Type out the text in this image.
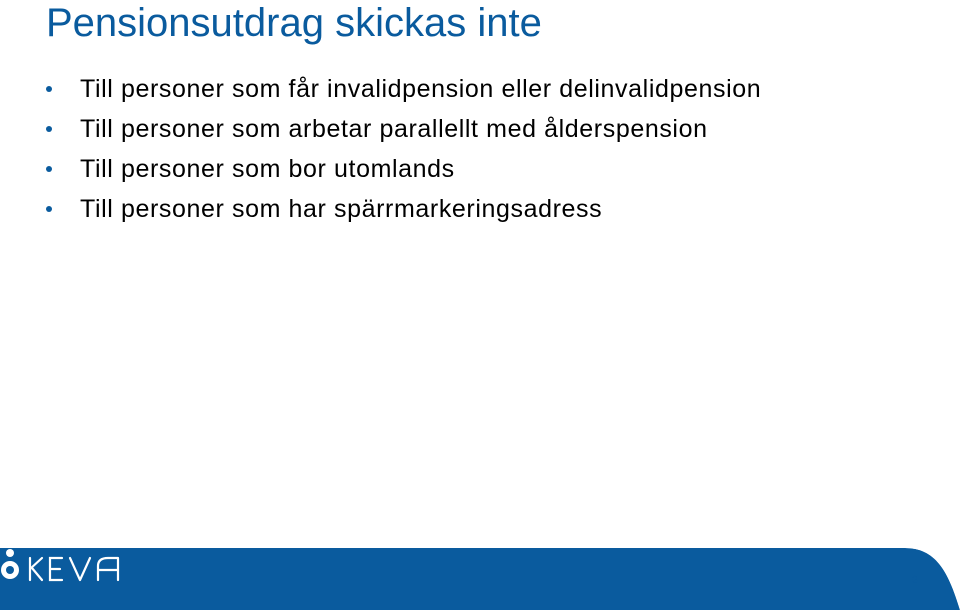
Pensionsutdrag skickas inte
Till personer som får invalidpension eller delinvalidpension
Till personer som arbetar parallellt med ålderspension
Till personer som bor utomlands
Till personer som har spärrmarkeringsadress
9
